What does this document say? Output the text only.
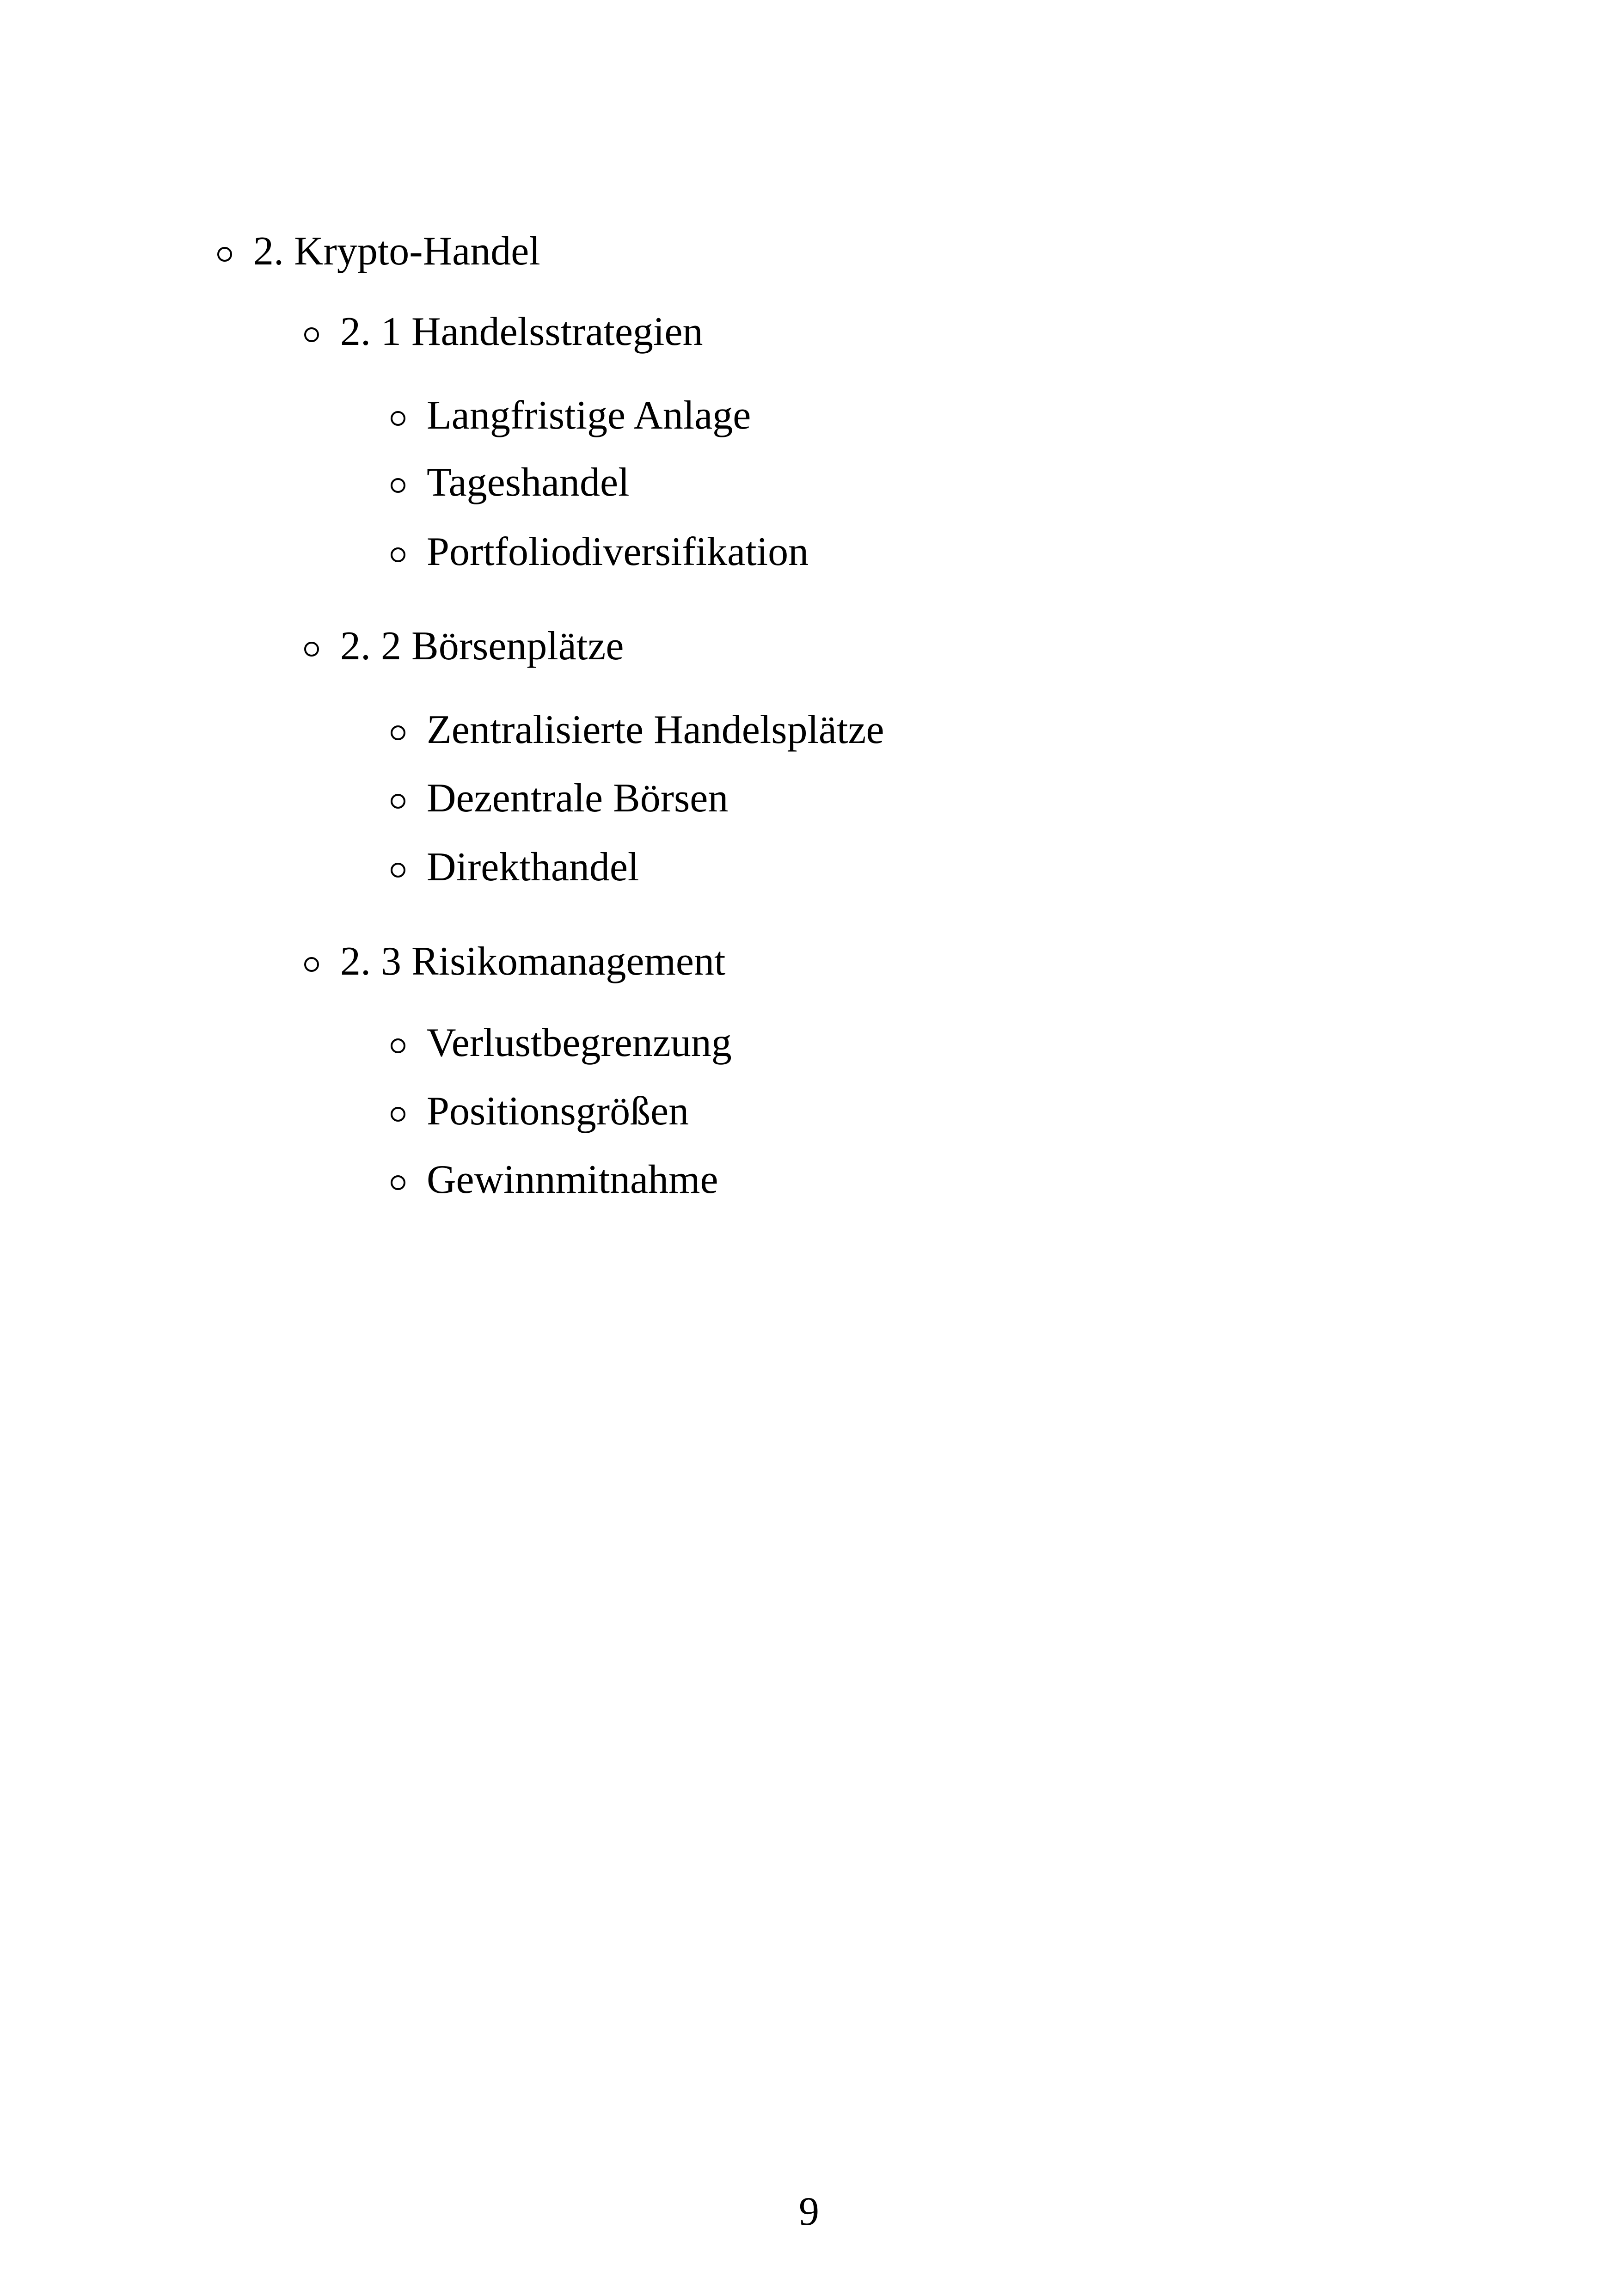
2. Krypto-Handel
2. 1 Handelsstrategien
Langfristige Anlage
Tageshandel
Portfoliodiversifikation
2. 2 Börsenplätze
Zentralisierte Handelsplätze
Dezentrale Börsen
Direkthandel
2. 3 Risikomanagement
Verlustbegrenzung
Positionsgrößen
Gewinnmitnahme
9
